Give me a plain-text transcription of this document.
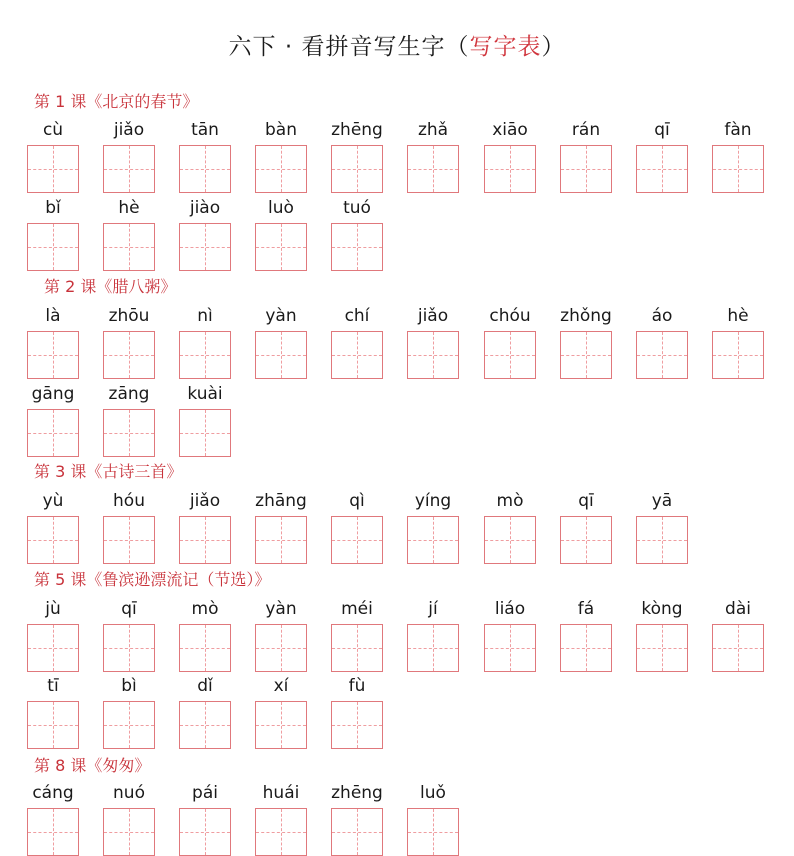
六下 · 看拼音写生字（写字表）
第 1 课《北京的春节》
cù	jiǎo	tān	bàn	zhēng	zhǎ	xiāo	rán	qī	fàn
bǐ	hè	jiào	luò	tuó
第 2 课《腊八粥》
là	zhōu	nì	yàn	chí	jiǎo	chóu	zhǒng	áo	hè
gāng	zāng	kuài
第 3 课《古诗三首》
yù	hóu	jiǎo	zhāng	qì	yíng	mò	qī	yā
第 5 课《鲁滨逊漂流记（节选）》
jù	qī	mò	yàn	méi	jí	liáo	fá	kòng	dài
tī	bì	dǐ	xí	fù
第 8 课《匆匆》
cáng	nuó	pái	huái	zhēng	luǒ
